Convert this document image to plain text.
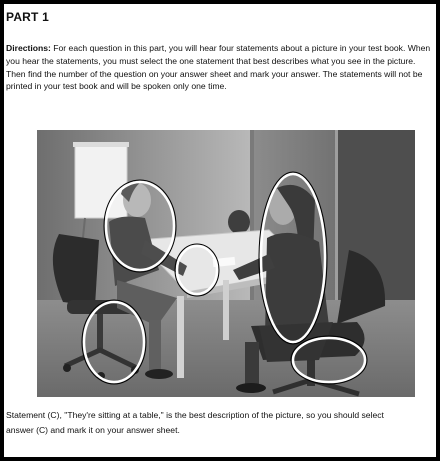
PART 1
Directions: For each question in this part, you will hear four statements about a picture in your test book. When you hear the statements, you must select the one statement that best describes what you see in the picture. Then find the number of the question on your answer sheet and mark your answer. The statements will not be printed in your test book and will be spoken only one time.
Statement (C), "They're sitting at a table," is the best description of the picture, so you should select
answer (C) and mark it on your answer sheet.
